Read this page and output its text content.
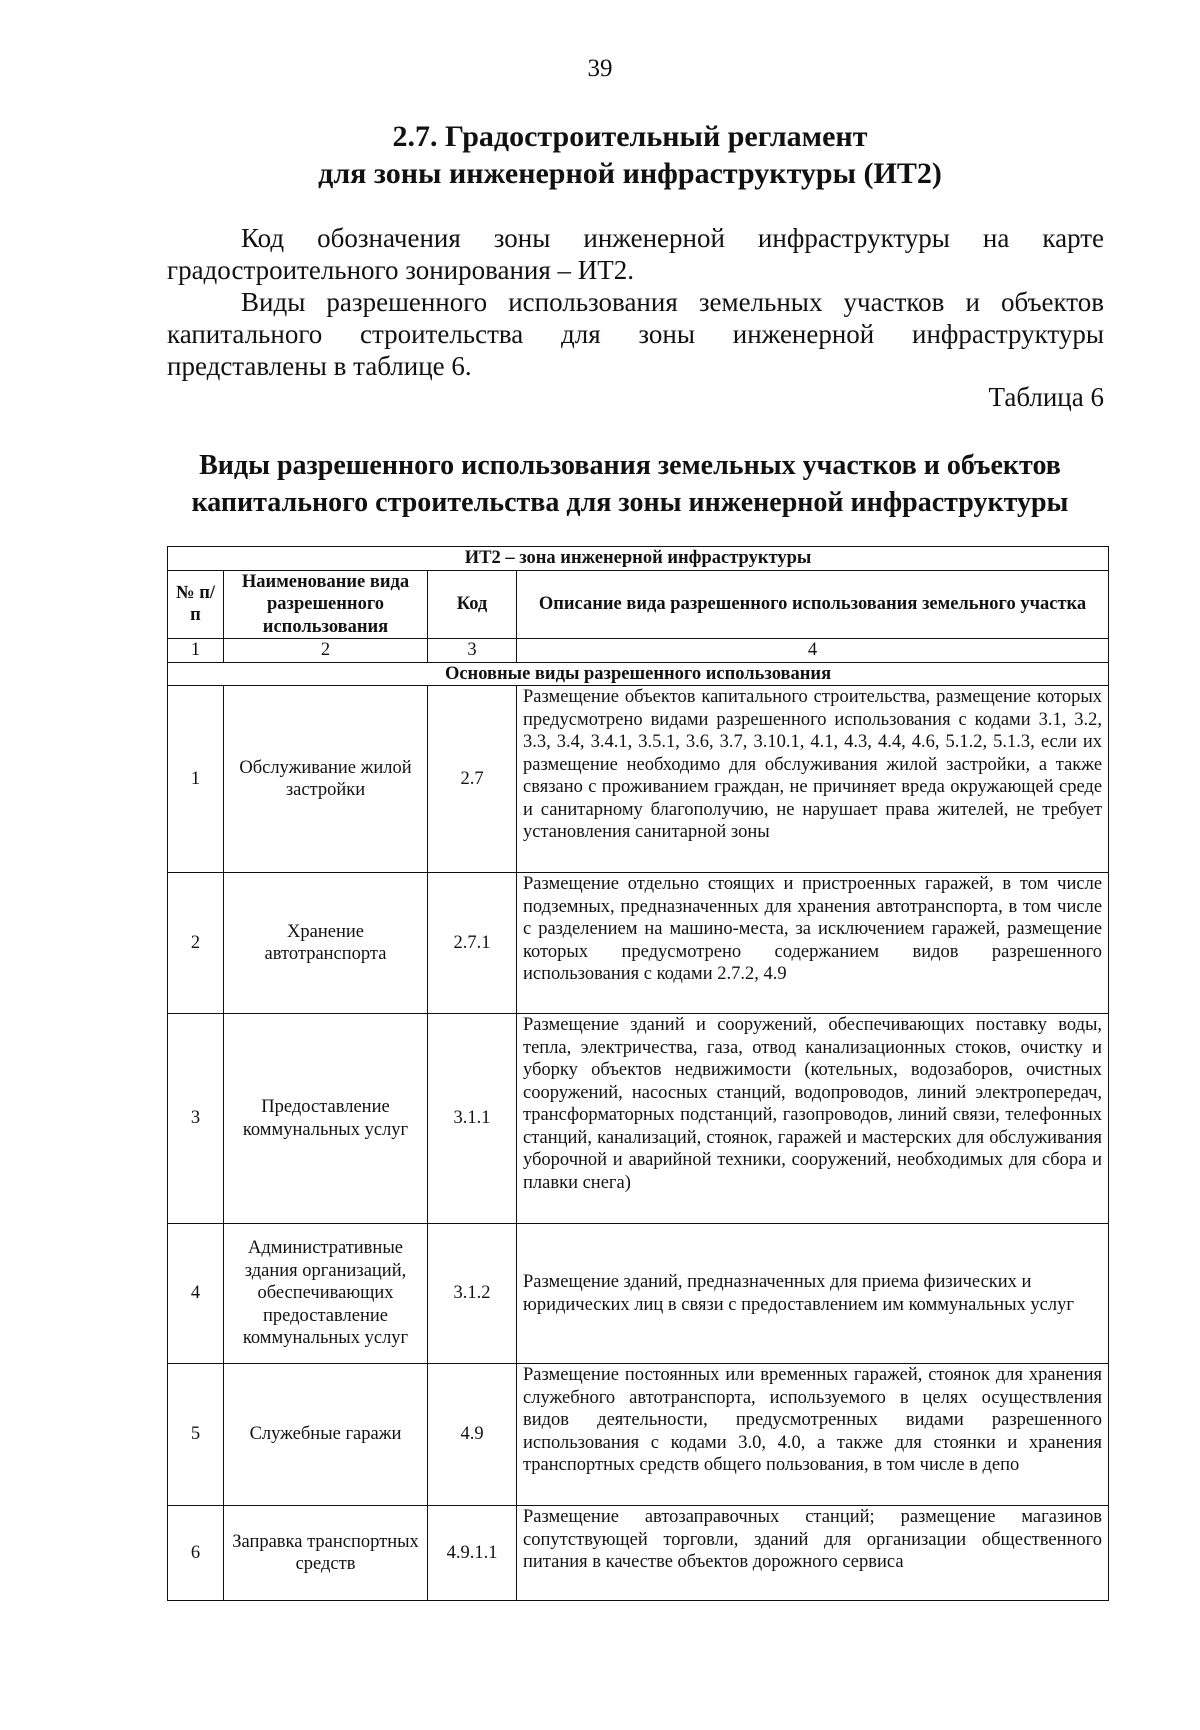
39
2.7. Градостроительный регламент
для зоны инженерной инфраструктуры (ИТ2)
Код обозначения зоны инженерной инфраструктуры на карте градостроительного зонирования – ИТ2.
Виды разрешенного использования земельных участков и объектов капитального строительства для зоны инженерной инфраструктуры представлены в таблице 6.
Таблица 6
Виды разрешенного использования земельных участков и объектов
капитального строительства для зоны инженерной инфраструктуры
ИТ2 – зона инженерной инфраструктуры			
№ п/п	Наименование вида разрешенного использования	Код	Описание вида разрешенного использования земельного участка
1	2	3	4
Основные виды разрешенного использования			
1	Обслуживание жилой застройки	2.7	Размещение объектов капитального строительства, размещение которых предусмотрено видами разрешенного использования с кодами 3.1, 3.2, 3.3, 3.4, 3.4.1, 3.5.1, 3.6, 3.7, 3.10.1, 4.1, 4.3, 4.4, 4.6, 5.1.2, 5.1.3, если их размещение необходимо для обслуживания жилой застройки, а также связано с проживанием граждан, не причиняет вреда окружающей среде и санитарному благополучию, не нарушает права жителей, не требует установления санитарной зоны
2	Хранение автотранспорта	2.7.1	Размещение отдельно стоящих и пристроенных гаражей, в том числе подземных, предназначенных для хранения автотранспорта, в том числе с разделением на машино-места, за исключением гаражей, размещение которых предусмотрено содержанием видов разрешенного использования с кодами 2.7.2, 4.9
3	Предоставление коммунальных услуг	3.1.1	Размещение зданий и сооружений, обеспечивающих поставку воды, тепла, электричества, газа, отвод канализационных стоков, очистку и уборку объектов недвижимости (котельных, водозаборов, очистных сооружений, насосных станций, водопроводов, линий электропередач, трансформаторных подстанций, газопроводов, линий связи, телефонных станций, канализаций, стоянок, гаражей и мастерских для обслуживания уборочной и аварийной техники, сооружений, необходимых для сбора и плавки снега)
4	Административные здания организаций, обеспечивающих предоставление коммунальных услуг	3.1.2	Размещение зданий, предназначенных для приема физических и юридических лиц в связи с предоставлением им коммунальных услуг
5	Служебные гаражи	4.9	Размещение постоянных или временных гаражей, стоянок для хранения служебного автотранспорта, используемого в целях осуществления видов деятельности, предусмотренных видами разрешенного использования с кодами 3.0, 4.0, а также для стоянки и хранения транспортных средств общего пользования, в том числе в депо
6	Заправка транспортных средств	4.9.1.1	Размещение автозаправочных станций; размещение магазинов сопутствующей торговли, зданий для организации общественного питания в качестве объектов дорожного сервиса
